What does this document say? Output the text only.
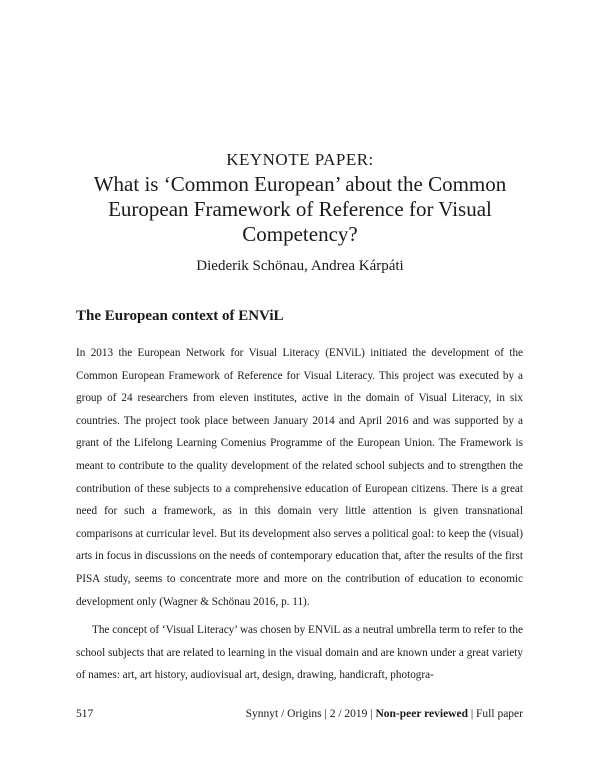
KEYNOTE PAPER:
What is ‘Common European’ about the Common European Framework of Reference for Visual Competency?
Diederik Schönau, Andrea Kárpáti
The European context of ENViL

In 2013 the European Network for Visual Literacy (ENViL) initiated the development of the Common European Framework of Reference for Visual Literacy. This project was executed by a group of 24 researchers from eleven institutes, active in the domain of Visual Literacy, in six countries. The project took place between January 2014 and April 2016 and was supported by a grant of the Lifelong Learning Comenius Programme of the European Union. The Framework is meant to contribute to the quality development of the related school subjects and to strengthen the contribution of these subjects to a comprehensive education of European citizens. There is a great need for such a framework, as in this domain very little attention is given transnational comparisons at curricular level. But its development also serves a political goal: to keep the (visual) arts in focus in discussions on the needs of contemporary education that, after the results of the first PISA study, seems to concentrate more and more on the contribution of education to economic development only (Wagner & Schönau 2016, p. 11).

The concept of ‘Visual Literacy’ was chosen by ENViL as a neutral umbrella term to refer to the school subjects that are related to learning in the visual domain and are known under a great variety of names: art, art history, audiovisual art, design, drawing, handicraft, photogra-

517	Synnyt / Origins | 2 / 2019 | Non-peer reviewed | Full paper
